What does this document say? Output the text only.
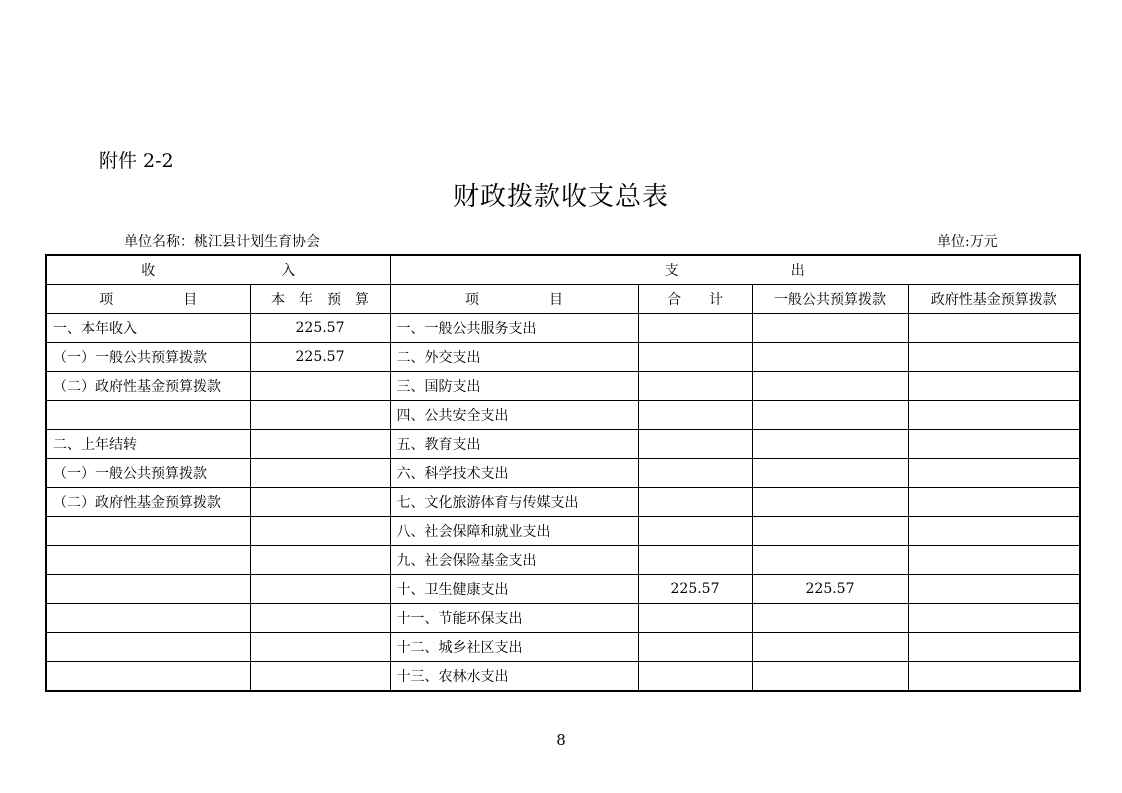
附件 2-2
财政拨款收支总表
单位名称：桃江县计划生育协会	单位:万元
收　　　　　　　　　入		支　　　　　　　　出			
项　　　　　目	本　年　预　算	项　　　　　目	合　　计	一般公共预算拨款	政府性基金预算拨款
一、本年收入	225.57	一、一般公共服务支出			
（一）一般公共预算拨款	225.57	二、外交支出			
（二）政府性基金预算拨款		三、国防支出			
		四、公共安全支出			
二、上年结转		五、教育支出			
（一）一般公共预算拨款		六、科学技术支出			
（二）政府性基金预算拨款		七、文化旅游体育与传媒支出			
		八、社会保障和就业支出			
		九、社会保险基金支出			
		十、卫生健康支出	225.57	225.57	
		十一、节能环保支出			
		十二、城乡社区支出			
		十三、农林水支出			
8
